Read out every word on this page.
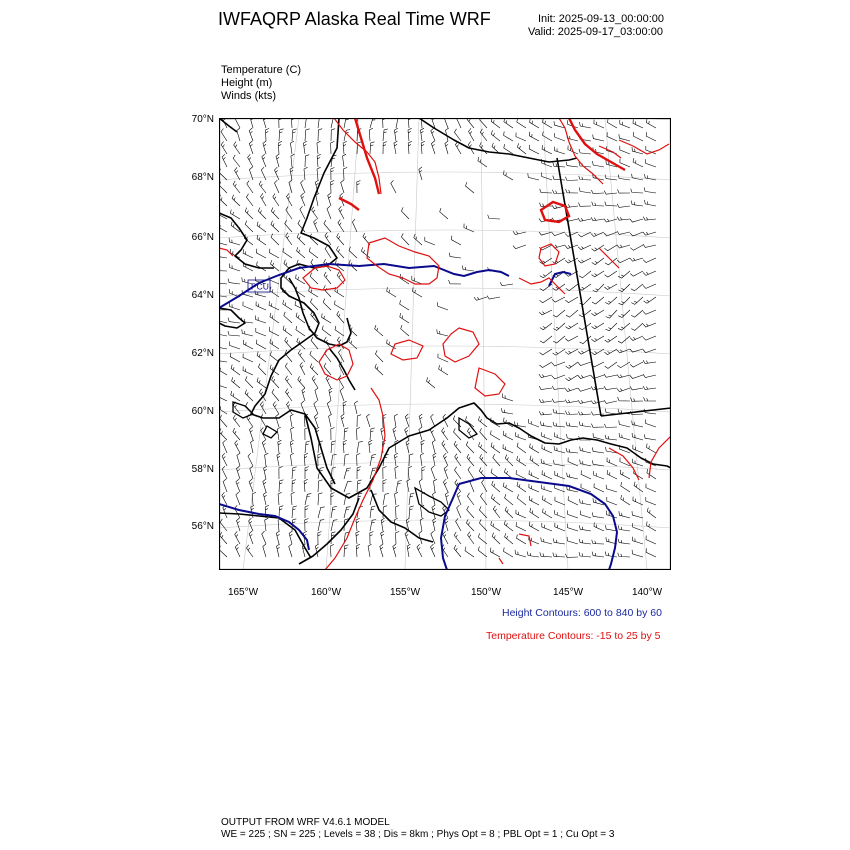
IWFAQRP Alaska Real Time WRF	Init: 2025-09-13_00:00:00
Valid: 2025-09-17_03:00:00
Temperature (C)
Height (m)
Winds (kts)
70°N
68°N
66°N
64°N
62°N
60°N
58°N
56°N
165°W	160°W	155°W	150°W	145°W	140°W
PCU
Height Contours: 600 to 840 by 60
Temperature Contours: -15 to 25 by 5
OUTPUT FROM WRF V4.6.1 MODEL
WE = 225 ; SN = 225 ; Levels = 38 ; Dis = 8km ; Phys Opt = 8 ; PBL Opt = 1 ; Cu Opt = 3
